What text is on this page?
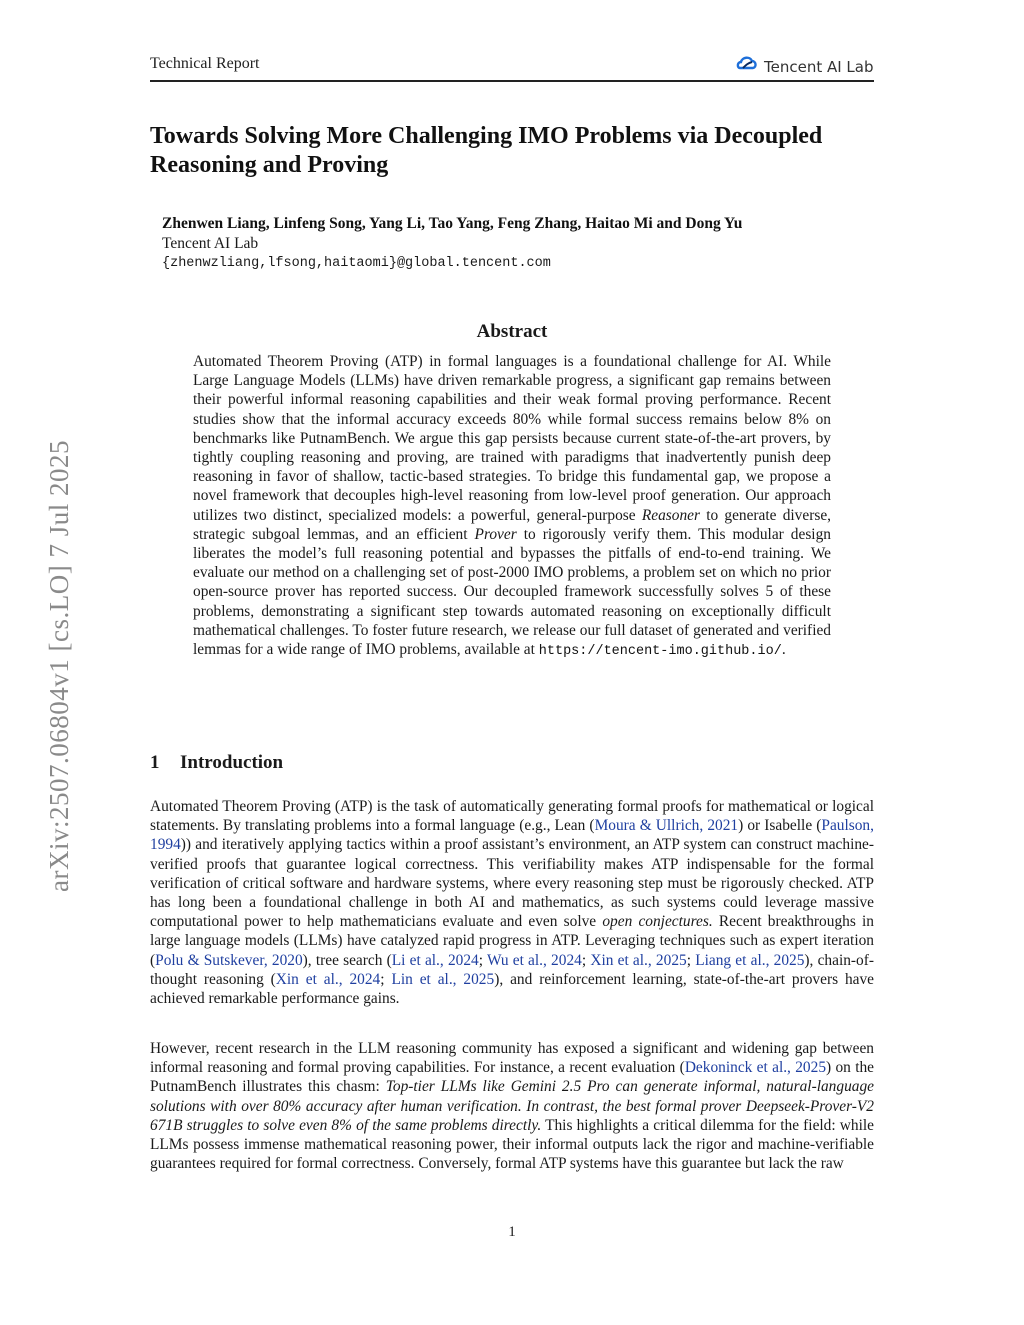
Technical Report	Tencent AI Lab
arXiv:2507.06804v1 [cs.LO] 7 Jul 2025
Towards Solving More Challenging IMO Problems via Decoupled Reasoning and Proving
Zhenwen Liang, Linfeng Song, Yang Li, Tao Yang, Feng Zhang, Haitao Mi and Dong Yu
Tencent AI Lab
{zhenwzliang,lfsong,haitaomi}@global.tencent.com
Abstract
Automated Theorem Proving (ATP) in formal languages is a foundational challenge for AI. While Large Language Models (LLMs) have driven remarkable progress, a significant gap remains between their powerful informal reasoning capabilities and their weak formal proving performance. Recent studies show that the informal accuracy exceeds 80% while formal success remains below 8% on benchmarks like PutnamBench. We argue this gap persists because current state-of-the-art provers, by tightly coupling reasoning and proving, are trained with paradigms that inadvertently punish deep reasoning in favor of shallow, tactic-based strategies. To bridge this fundamental gap, we propose a novel framework that decouples high-level reasoning from low-level proof generation. Our approach utilizes two distinct, specialized models: a powerful, general-purpose Reasoner to generate diverse, strategic subgoal lemmas, and an efficient Prover to rigorously verify them. This modular design liberates the model’s full reasoning potential and bypasses the pitfalls of end-to-end training. We evaluate our method on a challenging set of post-2000 IMO problems, a problem set on which no prior open-source prover has reported success. Our decoupled framework successfully solves 5 of these problems, demonstrating a significant step towards automated reasoning on exceptionally difficult mathematical challenges. To foster future research, we release our full dataset of generated and verified lemmas for a wide range of IMO problems, available at https://tencent-imo.github.io/.
1 Introduction
Automated Theorem Proving (ATP) is the task of automatically generating formal proofs for mathematical or logical statements. By translating problems into a formal language (e.g., Lean (Moura & Ullrich, 2021) or Isabelle (Paulson, 1994)) and iteratively applying tactics within a proof assistant’s environment, an ATP system can construct machine-verified proofs that guarantee logical correctness. This verifiability makes ATP indispensable for the formal verification of critical software and hardware systems, where every reasoning step must be rigorously checked. ATP has long been a foundational challenge in both AI and mathematics, as such systems could leverage massive computational power to help mathematicians evaluate and even solve open conjectures. Recent breakthroughs in large language models (LLMs) have catalyzed rapid progress in ATP. Leveraging techniques such as expert iteration (Polu & Sutskever, 2020), tree search (Li et al., 2024; Wu et al., 2024; Xin et al., 2025; Liang et al., 2025), chain-of-thought reasoning (Xin et al., 2024; Lin et al., 2025), and reinforcement learning, state-of-the-art provers have achieved remarkable performance gains.
However, recent research in the LLM reasoning community has exposed a significant and widening gap between informal reasoning and formal proving capabilities. For instance, a recent evaluation (Dekoninck et al., 2025) on the PutnamBench illustrates this chasm: Top-tier LLMs like Gemini 2.5 Pro can generate informal, natural-language solutions with over 80% accuracy after human verification. In contrast, the best formal prover Deepseek-Prover-V2 671B struggles to solve even 8% of the same problems directly. This highlights a critical dilemma for the field: while LLMs possess immense mathematical reasoning power, their informal outputs lack the rigor and machine-verifiable guarantees required for formal correctness. Conversely, formal ATP systems have this guarantee but lack the raw
1
